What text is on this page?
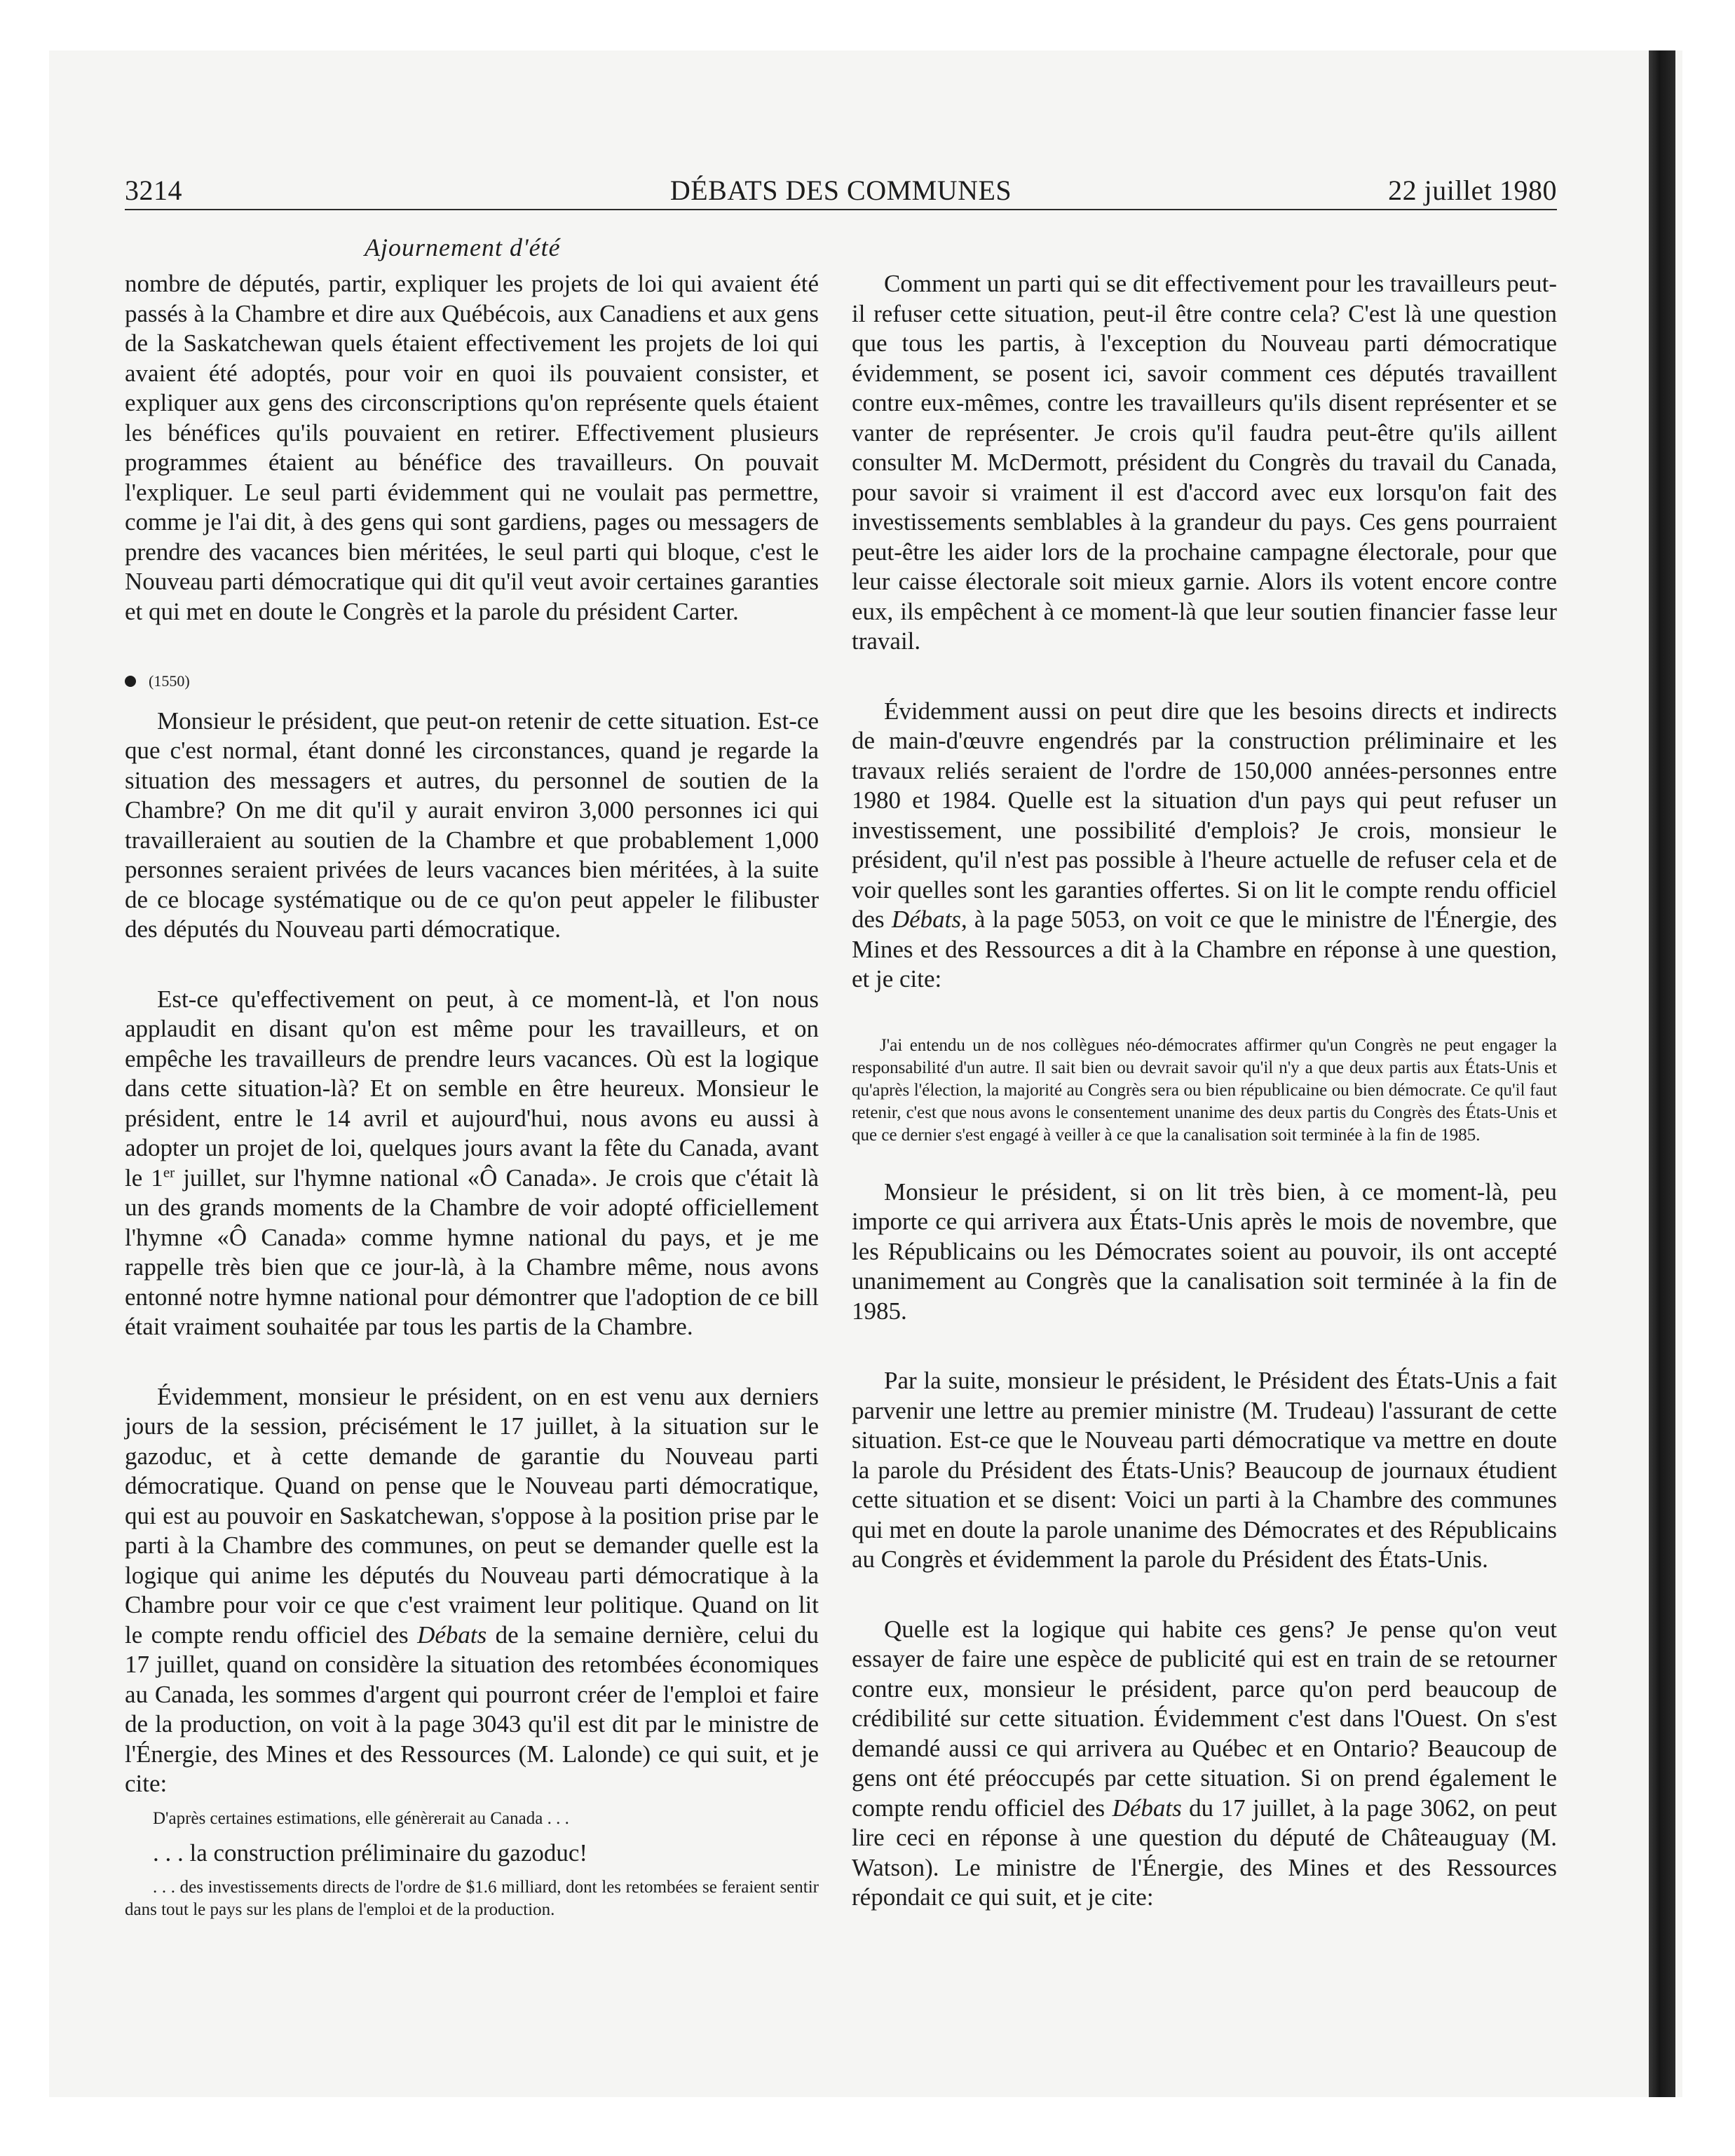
3214	DÉBATS DES COMMUNES	22 juillet 1980
Ajournement d'été

nombre de députés, partir, expliquer les projets de loi qui avaient été passés à la Chambre et dire aux Québécois, aux Canadiens et aux gens de la Saskatchewan quels étaient effectivement les projets de loi qui avaient été adoptés, pour voir en quoi ils pouvaient consister, et expliquer aux gens des circonscriptions qu'on représente quels étaient les bénéfices qu'ils pouvaient en retirer. Effectivement plusieurs programmes étaient au bénéfice des travailleurs. On pouvait l'expliquer. Le seul parti évidemment qui ne voulait pas permettre, comme je l'ai dit, à des gens qui sont gardiens, pages ou messagers de prendre des vacances bien méritées, le seul parti qui bloque, c'est le Nouveau parti démocratique qui dit qu'il veut avoir certaines garanties et qui met en doute le Congrès et la parole du président Carter.

(1550)

Monsieur le président, que peut-on retenir de cette situation. Est-ce que c'est normal, étant donné les circonstances, quand je regarde la situation des messagers et autres, du personnel de soutien de la Chambre? On me dit qu'il y aurait environ 3,000 personnes ici qui travailleraient au soutien de la Chambre et que probablement 1,000 personnes seraient privées de leurs vacances bien méritées, à la suite de ce blocage systématique ou de ce qu'on peut appeler le filibuster des députés du Nouveau parti démocratique.

Est-ce qu'effectivement on peut, à ce moment-là, et l'on nous applaudit en disant qu'on est même pour les travailleurs, et on empêche les travailleurs de prendre leurs vacances. Où est la logique dans cette situation-là? Et on semble en être heureux. Monsieur le président, entre le 14 avril et aujourd'hui, nous avons eu aussi à adopter un projet de loi, quelques jours avant la fête du Canada, avant le 1er juillet, sur l'hymne national «Ô Canada». Je crois que c'était là un des grands moments de la Chambre de voir adopté officiellement l'hymne «Ô Canada» comme hymne national du pays, et je me rappelle très bien que ce jour-là, à la Chambre même, nous avons entonné notre hymne national pour démontrer que l'adoption de ce bill était vraiment souhaitée par tous les partis de la Chambre.

Évidemment, monsieur le président, on en est venu aux derniers jours de la session, précisément le 17 juillet, à la situation sur le gazoduc, et à cette demande de garantie du Nouveau parti démocratique. Quand on pense que le Nouveau parti démocratique, qui est au pouvoir en Saskatchewan, s'oppose à la position prise par le parti à la Chambre des communes, on peut se demander quelle est la logique qui anime les députés du Nouveau parti démocratique à la Chambre pour voir ce que c'est vraiment leur politique. Quand on lit le compte rendu officiel des Débats de la semaine dernière, celui du 17 juillet, quand on considère la situation des retombées économiques au Canada, les sommes d'argent qui pourront créer de l'emploi et faire de la production, on voit à la page 3043 qu'il est dit par le ministre de l'Énergie, des Mines et des Ressources (M. Lalonde) ce qui suit, et je cite:

D'après certaines estimations, elle génèrerait au Canada . . .
. . . la construction préliminaire du gazoduc!
. . . des investissements directs de l'ordre de $1.6 milliard, dont les retombées se feraient sentir dans tout le pays sur les plans de l'emploi et de la production.

Comment un parti qui se dit effectivement pour les travailleurs peut-il refuser cette situation, peut-il être contre cela? C'est là une question que tous les partis, à l'exception du Nouveau parti démocratique évidemment, se posent ici, savoir comment ces députés travaillent contre eux-mêmes, contre les travailleurs qu'ils disent représenter et se vanter de représenter. Je crois qu'il faudra peut-être qu'ils aillent consulter M. McDermott, président du Congrès du travail du Canada, pour savoir si vraiment il est d'accord avec eux lorsqu'on fait des investissements semblables à la grandeur du pays. Ces gens pourraient peut-être les aider lors de la prochaine campagne électorale, pour que leur caisse électorale soit mieux garnie. Alors ils votent encore contre eux, ils empêchent à ce moment-là que leur soutien financier fasse leur travail.

Évidemment aussi on peut dire que les besoins directs et indirects de main-d'œuvre engendrés par la construction préliminaire et les travaux reliés seraient de l'ordre de 150,000 années-personnes entre 1980 et 1984. Quelle est la situation d'un pays qui peut refuser un investissement, une possibilité d'emplois? Je crois, monsieur le président, qu'il n'est pas possible à l'heure actuelle de refuser cela et de voir quelles sont les garanties offertes. Si on lit le compte rendu officiel des Débats, à la page 5053, on voit ce que le ministre de l'Énergie, des Mines et des Ressources a dit à la Chambre en réponse à une question, et je cite:

J'ai entendu un de nos collègues néo-démocrates affirmer qu'un Congrès ne peut engager la responsabilité d'un autre. Il sait bien ou devrait savoir qu'il n'y a que deux partis aux États-Unis et qu'après l'élection, la majorité au Congrès sera ou bien républicaine ou bien démocrate. Ce qu'il faut retenir, c'est que nous avons le consentement unanime des deux partis du Congrès des États-Unis et que ce dernier s'est engagé à veiller à ce que la canalisation soit terminée à la fin de 1985.

Monsieur le président, si on lit très bien, à ce moment-là, peu importe ce qui arrivera aux États-Unis après le mois de novembre, que les Républicains ou les Démocrates soient au pouvoir, ils ont accepté unanimement au Congrès que la canalisation soit terminée à la fin de 1985.

Par la suite, monsieur le président, le Président des États-Unis a fait parvenir une lettre au premier ministre (M. Trudeau) l'assurant de cette situation. Est-ce que le Nouveau parti démocratique va mettre en doute la parole du Président des États-Unis? Beaucoup de journaux étudient cette situation et se disent: Voici un parti à la Chambre des communes qui met en doute la parole unanime des Démocrates et des Républicains au Congrès et évidemment la parole du Président des États-Unis.

Quelle est la logique qui habite ces gens? Je pense qu'on veut essayer de faire une espèce de publicité qui est en train de se retourner contre eux, monsieur le président, parce qu'on perd beaucoup de crédibilité sur cette situation. Évidemment c'est dans l'Ouest. On s'est demandé aussi ce qui arrivera au Québec et en Ontario? Beaucoup de gens ont été préoccupés par cette situation. Si on prend également le compte rendu officiel des Débats du 17 juillet, à la page 3062, on peut lire ceci en réponse à une question du député de Châteauguay (M. Watson). Le ministre de l'Énergie, des Mines et des Ressources répondait ce qui suit, et je cite:
